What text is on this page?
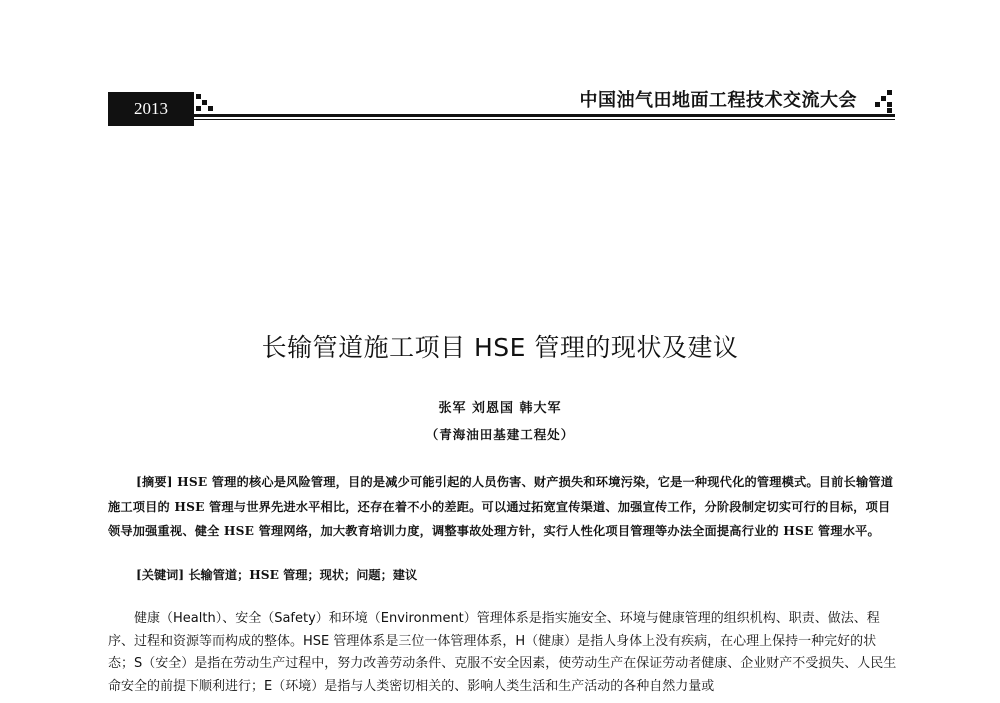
2013	中国油气田地面工程技术交流大会
长输管道施工项目 HSE 管理的现状及建议
张军 刘恩国 韩大军
（青海油田基建工程处）
[摘要] HSE 管理的核心是风险管理，目的是减少可能引起的人员伤害、财产损失和环境污染，它是一种现代化的管理模式。目前长输管道施工项目的 HSE 管理与世界先进水平相比，还存在着不小的差距。可以通过拓宽宣传渠道、加强宣传工作，分阶段制定切实可行的目标，项目领导加强重视、健全 HSE 管理网络，加大教育培训力度，调整事故处理方针，实行人性化项目管理等办法全面提高行业的 HSE 管理水平。
[关键词] 长输管道；HSE 管理；现状；问题；建议
健康（Health）、安全（Safety）和环境（Environment）管理体系是指实施安全、环境与健康管理的组织机构、职责、做法、程序、过程和资源等而构成的整体。HSE 管理体系是三位一体管理体系，H（健康）是指人身体上没有疾病，在心理上保持一种完好的状态；S（安全）是指在劳动生产过程中，努力改善劳动条件、克服不安全因素，使劳动生产在保证劳动者健康、企业财产不受损失、人民生命安全的前提下顺利进行；E（环境）是指与人类密切相关的、影响人类生活和生产活动的各种自然力量或
